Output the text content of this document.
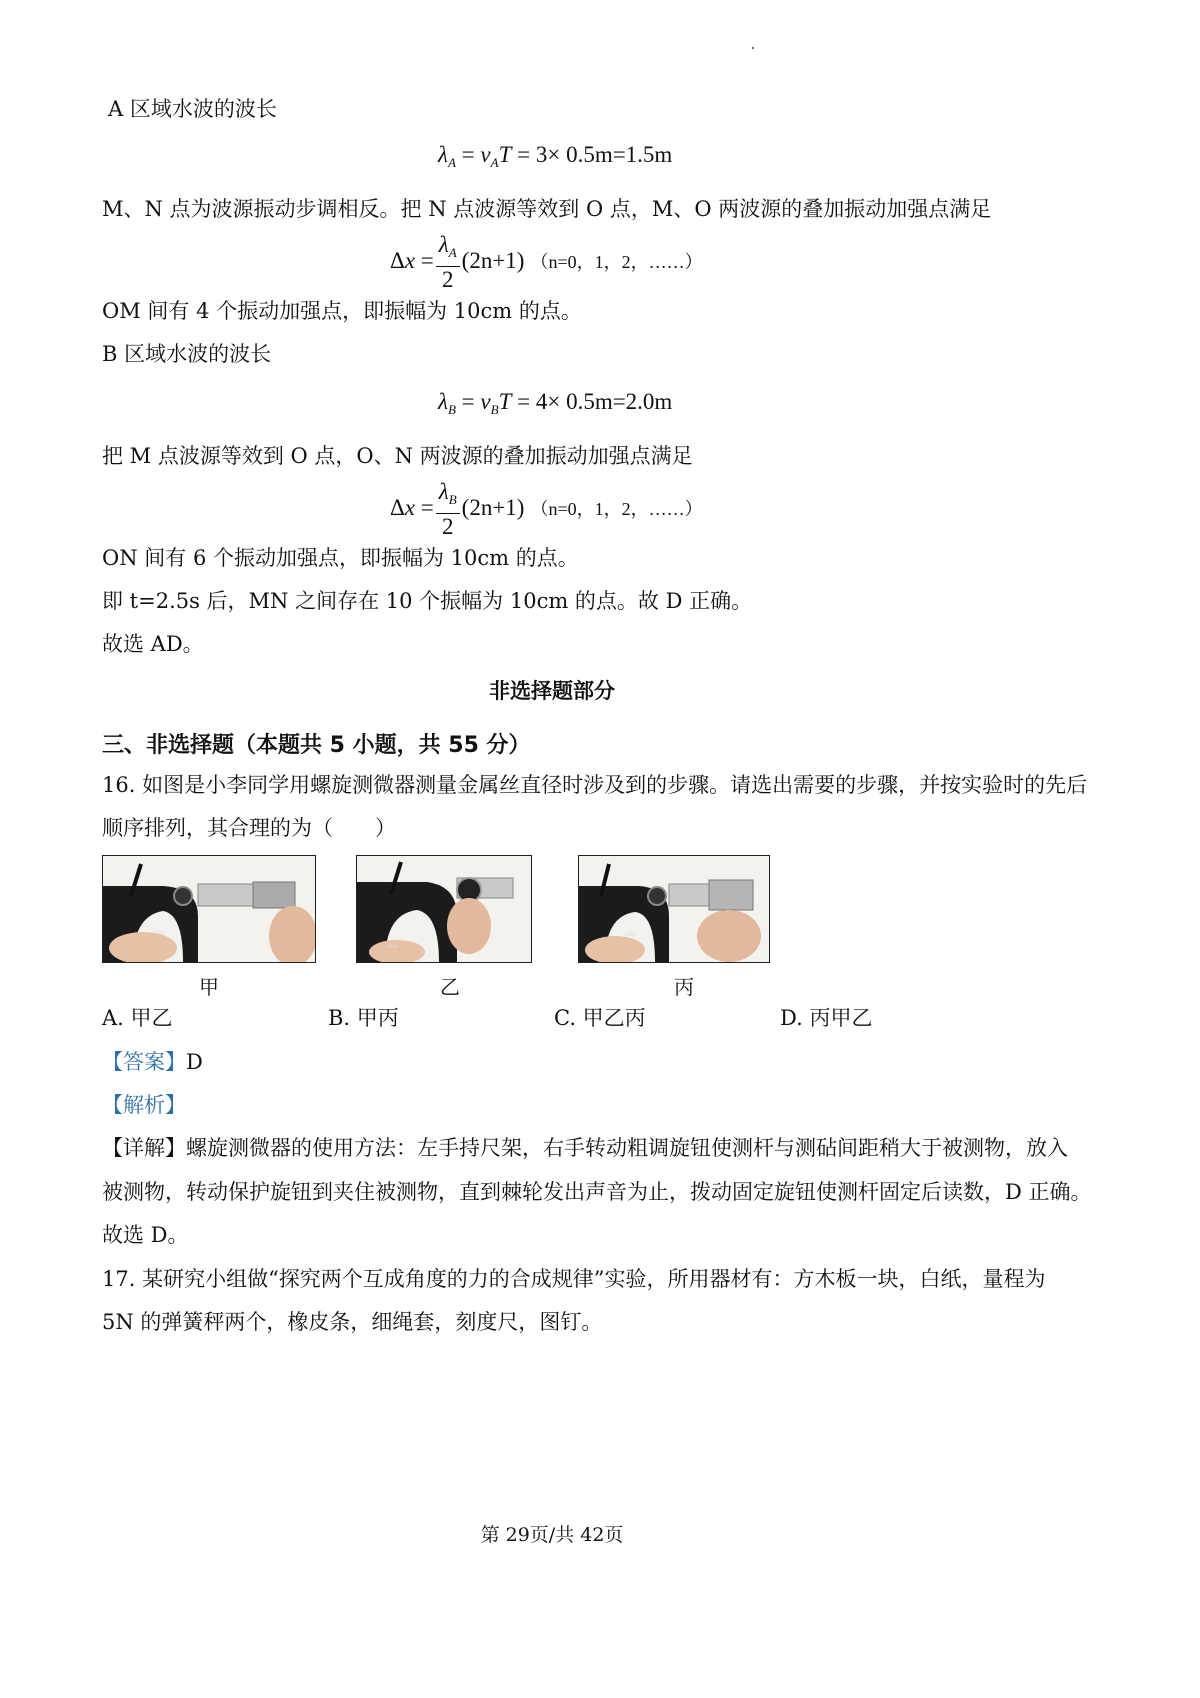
A 区域水波的波长
$\lambda_A = v_AT = 3\times 0.5m=1.5m$
M、N 点为波源振动步调相反。把 N 点波源等效到 O 点，M、O 两波源的叠加振动加强点满足
$\Delta x = \frac{\lambda_A}{2} (2n+1)$ （n=0，1，2，……）
OM 间有 4 个振动加强点，即振幅为 10cm 的点。
B 区域水波的波长
$\lambda_B = v_BT = 4\times 0.5m=2.0m$
把 M 点波源等效到 O 点，O、N 两波源的叠加振动加强点满足
$\Delta x = \frac{\lambda_B}{2} (2n+1)$ （n=0，1，2，……）
ON 间有 6 个振动加强点，即振幅为 10cm 的点。
即 t=2.5s 后，MN 之间存在 10 个振幅为 10cm 的点。故 D 正确。
故选 AD。
非选择题部分
三、非选择题（本题共 5 小题，共 55 分）
16. 如图是小李同学用螺旋测微器测量金属丝直径时涉及到的步骤。请选出需要的步骤，并按实验时的先后
顺序排列，其合理的为（　　）
ooo
甲
ooo
乙
ooo
丙
A. 甲乙	B. 甲丙	C. 甲乙丙	D. 丙甲乙
【答案】D
【解析】
【详解】螺旋测微器的使用方法：左手持尺架，右手转动粗调旋钮使测杆与测砧间距稍大于被测物，放入
被测物，转动保护旋钮到夹住被测物，直到棘轮发出声音为止，拨动固定旋钮使测杆固定后读数，D 正确。
故选 D。
17. 某研究小组做“探究两个互成角度的力的合成规律”实验，所用器材有：方木板一块，白纸，量程为
5N 的弹簧秤两个，橡皮条，细绳套，刻度尺，图钉。
第 29页/共 42页
